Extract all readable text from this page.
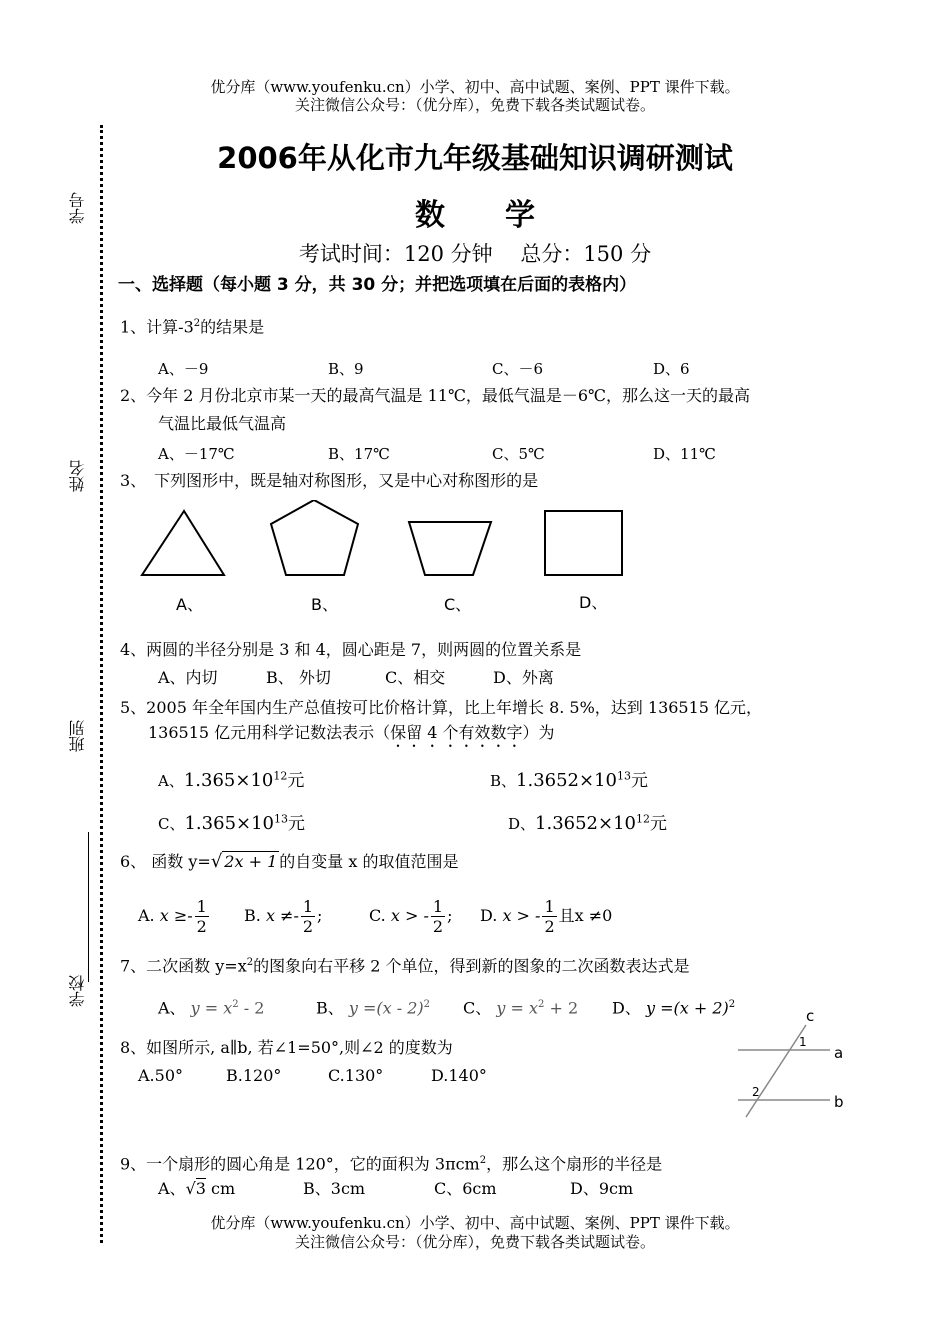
优分库（www.youfenku.cn）小学、初中、高中试题、案例、PPT 课件下载。
关注微信公众号：（优分库），免费下载各类试题试卷。
学号
姓名
班别
学校
2006年从化市九年级基础知识调研测试
数学
考试时间：120 分钟　 总分：150 分
一、选择题（每小题 3 分，共 30 分；并把选项填在后面的表格内）
1、计算$-3^2$的结果是
A、－9	B、9	C、－6	D、6
2、今年 2 月份北京市某一天的最高气温是 11℃，最低气温是－6℃，那么这一天的最高
气温比最低气温高
A、－17℃	B、17℃	C、5℃	D、11℃
3、　下列图形中，既是轴对称图形，又是中心对称图形的是
A、	B、	C、	D、
4、两圆的半径分别是 3 和 4，圆心距是 7，则两圆的位置关系是
A、内切	B、 外切	C、相交	D、外离
5、2005 年全年国内生产总值按可比价格计算，比上年增长 8. 5%，达到 136515 亿元，
136515 亿元用科学记数法表示（保留 4 个有效数字）为
A、$1.365\times 10^{12}$元	B、$1.3652\times 10^{13}$元
C、$1.365\times 10^{13}$元	D、$1.3652\times 10^{12}$元
6、 函数 y=√ 2x + 1 的自变量 x 的取值范围是
A. $x \ge- \frac{1}{2} B$. $x \ne- \frac{1}{2}$ ;	C. x > - $\frac{1}{2}$ ; D. x > - $\frac{1}{2}$ 且x ≠0
7、二次函数 $y=x^2$的图象向右平移 2 个单位，得到新的图象的二次函数表达式是
A、 $y = x^2 - 2$	B、 y =(x - 2)$^2$ C、 $y = x^2 + 2$ D、 $y =(x + 2)^2$
8、如图所示, a∥b, 若∠1=50°,则∠2 的度数为
A.50°	B.120°	C.130°	D.140°
c
a
b
1
2
9、一个扇形的圆心角是 120°，它的面积为 3πcm$^2$，那么这个扇形的半径是
A、√3 cm	B、3cm	C、6cm	D、9cm
优分库（www.youfenku.cn）小学、初中、高中试题、案例、PPT 课件下载。
关注微信公众号：（优分库），免费下载各类试题试卷。
